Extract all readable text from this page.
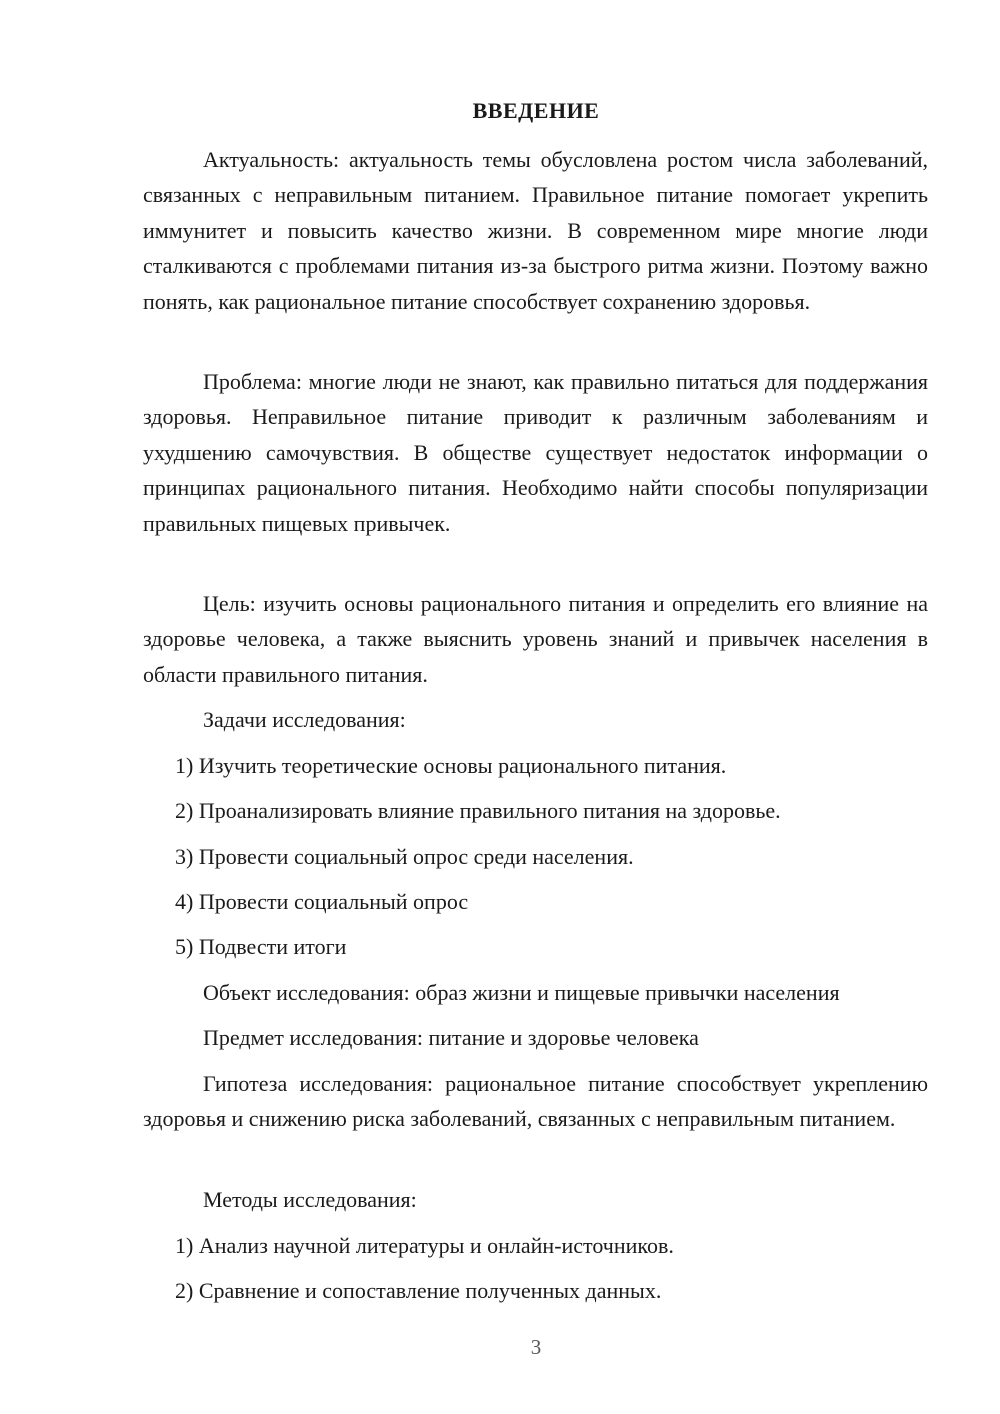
ВВЕДЕНИЕ

Актуальность: актуальность темы обусловлена ростом числа заболеваний, связанных с неправильным питанием. Правильное питание помогает укрепить иммунитет и повысить качество жизни. В современном мире многие люди сталкиваются с проблемами питания из-за быстрого ритма жизни. Поэтому важно понять, как рациональное питание способствует сохранению здоровья.

Проблема: многие люди не знают, как правильно питаться для поддержания здоровья. Неправильное питание приводит к различным заболеваниям и ухудшению самочувствия. В обществе существует недостаток информации о принципах рационального питания. Необходимо найти способы популяризации правильных пищевых привычек.

Цель: изучить основы рационального питания и определить его влияние на здоровье человека, а также выяснить уровень знаний и привычек населения в области правильного питания.

Задачи исследования:

1) Изучить теоретические основы рационального питания.

2) Проанализировать влияние правильного питания на здоровье.

3) Провести социальный опрос среди населения.

4) Провести социальный опрос

5) Подвести итоги

Объект исследования: образ жизни и пищевые привычки населения

Предмет исследования: питание и здоровье человека

Гипотеза исследования: рациональное питание способствует укреплению здоровья и снижению риска заболеваний, связанных с неправильным питанием.

Методы исследования:

1) Анализ научной литературы и онлайн-источников.

2) Сравнение и сопоставление полученных данных.

3
